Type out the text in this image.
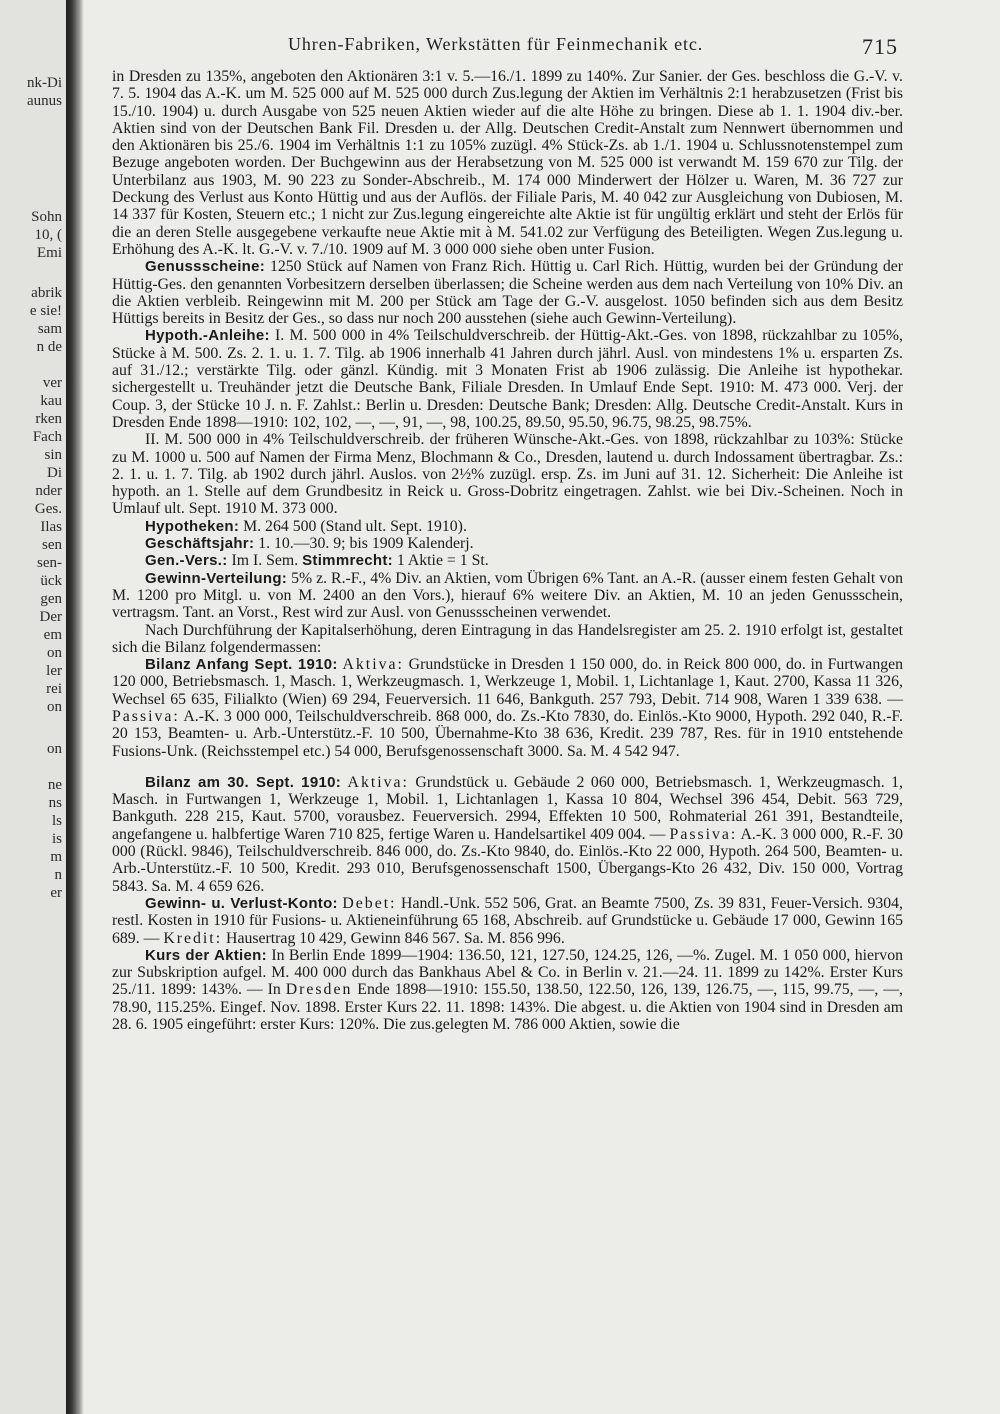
nk-Di
aunus
Sohn
10, (
Emi
abrik
e sie!
sam
n de
ver
kau
rken
Fach
sin
Di
nder
Ges.
Ilas
sen
sen-
ück
gen
Der
em
on
ler
rei
on
on
ne
ns
ls
is
m
n
er
Uhren-Fabriken, Werkstätten für Feinmechanik etc.	715

in Dresden zu 135%, angeboten den Aktionären 3:1 v. 5.—16./1. 1899 zu 140%. Zur Sanier. der Ges. beschloss die G.-V. v. 7. 5. 1904 das A.-K. um M. 525 000 auf M. 525 000 durch Zus.legung der Aktien im Verhältnis 2:1 herabzusetzen (Frist bis 15./10. 1904) u. durch Ausgabe von 525 neuen Aktien wieder auf die alte Höhe zu bringen. Diese ab 1. 1. 1904 div.-ber. Aktien sind von der Deutschen Bank Fil. Dresden u. der Allg. Deutschen Credit-Anstalt zum Nennwert übernommen und den Aktionären bis 25./6. 1904 im Verhältnis 1:1 zu 105% zuzügl. 4% Stück-Zs. ab 1./1. 1904 u. Schlussnotenstempel zum Bezuge angeboten worden. Der Buchgewinn aus der Herabsetzung von M. 525 000 ist verwandt M. 159 670 zur Tilg. der Unterbilanz aus 1903, M. 90 223 zu Sonder-Abschreib., M. 174 000 Minderwert der Hölzer u. Waren, M. 36 727 zur Deckung des Verlust aus Konto Hüttig und aus der Auflös. der Filiale Paris, M. 40 042 zur Ausgleichung von Dubiosen, M. 14 337 für Kosten, Steuern etc.; 1 nicht zur Zus.legung eingereichte alte Aktie ist für ungültig erklärt und steht der Erlös für die an deren Stelle ausgegebene verkaufte neue Aktie mit à M. 541.02 zur Verfügung des Beteiligten. Wegen Zus.legung u. Erhöhung des A.-K. lt. G.-V. v. 7./10. 1909 auf M. 3 000 000 siehe oben unter Fusion.

Genussscheine: 1250 Stück auf Namen von Franz Rich. Hüttig u. Carl Rich. Hüttig, wurden bei der Gründung der Hüttig-Ges. den genannten Vorbesitzern derselben überlassen; die Scheine werden aus dem nach Verteilung von 10% Div. an die Aktien verbleib. Reingewinn mit M. 200 per Stück am Tage der G.-V. ausgelost. 1050 befinden sich aus dem Besitz Hüttigs bereits in Besitz der Ges., so dass nur noch 200 ausstehen (siehe auch Gewinn-Verteilung).

Hypoth.-Anleihe: I. M. 500 000 in 4% Teilschuldverschreib. der Hüttig-Akt.-Ges. von 1898, rückzahlbar zu 105%, Stücke à M. 500. Zs. 2. 1. u. 1. 7. Tilg. ab 1906 innerhalb 41 Jahren durch jährl. Ausl. von mindestens 1% u. ersparten Zs. auf 31./12.; verstärkte Tilg. oder gänzl. Kündig. mit 3 Monaten Frist ab 1906 zulässig. Die Anleihe ist hypothekar. sichergestellt u. Treuhänder jetzt die Deutsche Bank, Filiale Dresden. In Umlauf Ende Sept. 1910: M. 473 000. Verj. der Coup. 3, der Stücke 10 J. n. F. Zahlst.: Berlin u. Dresden: Deutsche Bank; Dresden: Allg. Deutsche Credit-Anstalt. Kurs in Dresden Ende 1898—1910: 102, 102, —, —, 91, —, 98, 100.25, 89.50, 95.50, 96.75, 98.25, 98.75%.

II. M. 500 000 in 4% Teilschuldverschreib. der früheren Wünsche-Akt.-Ges. von 1898, rückzahlbar zu 103%: Stücke zu M. 1000 u. 500 auf Namen der Firma Menz, Blochmann & Co., Dresden, lautend u. durch Indossament übertragbar. Zs.: 2. 1. u. 1. 7. Tilg. ab 1902 durch jährl. Auslos. von 2½% zuzügl. ersp. Zs. im Juni auf 31. 12. Sicherheit: Die Anleihe ist hypoth. an 1. Stelle auf dem Grundbesitz in Reick u. Gross-Dobritz eingetragen. Zahlst. wie bei Div.-Scheinen. Noch in Umlauf ult. Sept. 1910 M. 373 000.

Hypotheken: M. 264 500 (Stand ult. Sept. 1910).

Geschäftsjahr: 1. 10.—30. 9; bis 1909 Kalenderj.

Gen.-Vers.: Im I. Sem. Stimmrecht: 1 Aktie = 1 St.

Gewinn-Verteilung: 5% z. R.-F., 4% Div. an Aktien, vom Übrigen 6% Tant. an A.-R. (ausser einem festen Gehalt von M. 1200 pro Mitgl. u. von M. 2400 an den Vors.), hierauf 6% weitere Div. an Aktien, M. 10 an jeden Genussschein, vertragsm. Tant. an Vorst., Rest wird zur Ausl. von Genussscheinen verwendet.

Nach Durchführung der Kapitalserhöhung, deren Eintragung in das Handelsregister am 25. 2. 1910 erfolgt ist, gestaltet sich die Bilanz folgendermassen:

Bilanz Anfang Sept. 1910: Aktiva: Grundstücke in Dresden 1 150 000, do. in Reick 800 000, do. in Furtwangen 120 000, Betriebsmasch. 1, Masch. 1, Werkzeugmasch. 1, Werkzeuge 1, Mobil. 1, Lichtanlage 1, Kaut. 2700, Kassa 11 326, Wechsel 65 635, Filialkto (Wien) 69 294, Feuerversich. 11 646, Bankguth. 257 793, Debit. 714 908, Waren 1 339 638. — Passiva: A.-K. 3 000 000, Teilschuldverschreib. 868 000, do. Zs.-Kto 7830, do. Einlös.-Kto 9000, Hypoth. 292 040, R.-F. 20 153, Beamten- u. Arb.-Unterstütz.-F. 10 500, Übernahme-Kto 38 636, Kredit. 239 787, Res. für in 1910 entstehende Fusions-Unk. (Reichsstempel etc.) 54 000, Berufsgenossenschaft 3000. Sa. M. 4 542 947.

Bilanz am 30. Sept. 1910: Aktiva: Grundstück u. Gebäude 2 060 000, Betriebsmasch. 1, Werkzeugmasch. 1, Masch. in Furtwangen 1, Werkzeuge 1, Mobil. 1, Lichtanlagen 1, Kassa 10 804, Wechsel 396 454, Debit. 563 729, Bankguth. 228 215, Kaut. 5700, vorausbez. Feuerversich. 2994, Effekten 10 500, Rohmaterial 261 391, Bestandteile, angefangene u. halbfertige Waren 710 825, fertige Waren u. Handelsartikel 409 004. — Passiva: A.-K. 3 000 000, R.-F. 30 000 (Rückl. 9846), Teilschuldverschreib. 846 000, do. Zs.-Kto 9840, do. Einlös.-Kto 22 000, Hypoth. 264 500, Beamten- u. Arb.-Unterstütz.-F. 10 500, Kredit. 293 010, Berufsgenossenschaft 1500, Übergangs-Kto 26 432, Div. 150 000, Vortrag 5843. Sa. M. 4 659 626.

Gewinn- u. Verlust-Konto: Debet: Handl.-Unk. 552 506, Grat. an Beamte 7500, Zs. 39 831, Feuer-Versich. 9304, restl. Kosten in 1910 für Fusions- u. Aktieneinführung 65 168, Abschreib. auf Grundstücke u. Gebäude 17 000, Gewinn 165 689. — Kredit: Hausertrag 10 429, Gewinn 846 567. Sa. M. 856 996.

Kurs der Aktien: In Berlin Ende 1899—1904: 136.50, 121, 127.50, 124.25, 126, —%. Zugel. M. 1 050 000, hiervon zur Subskription aufgel. M. 400 000 durch das Bankhaus Abel & Co. in Berlin v. 21.—24. 11. 1899 zu 142%. Erster Kurs 25./11. 1899: 143%. — In Dresden Ende 1898—1910: 155.50, 138.50, 122.50, 126, 139, 126.75, —, 115, 99.75, —, —, 78.90, 115.25%. Eingef. Nov. 1898. Erster Kurs 22. 11. 1898: 143%. Die abgest. u. die Aktien von 1904 sind in Dresden am 28. 6. 1905 eingeführt: erster Kurs: 120%. Die zus.gelegten M. 786 000 Aktien, sowie die
